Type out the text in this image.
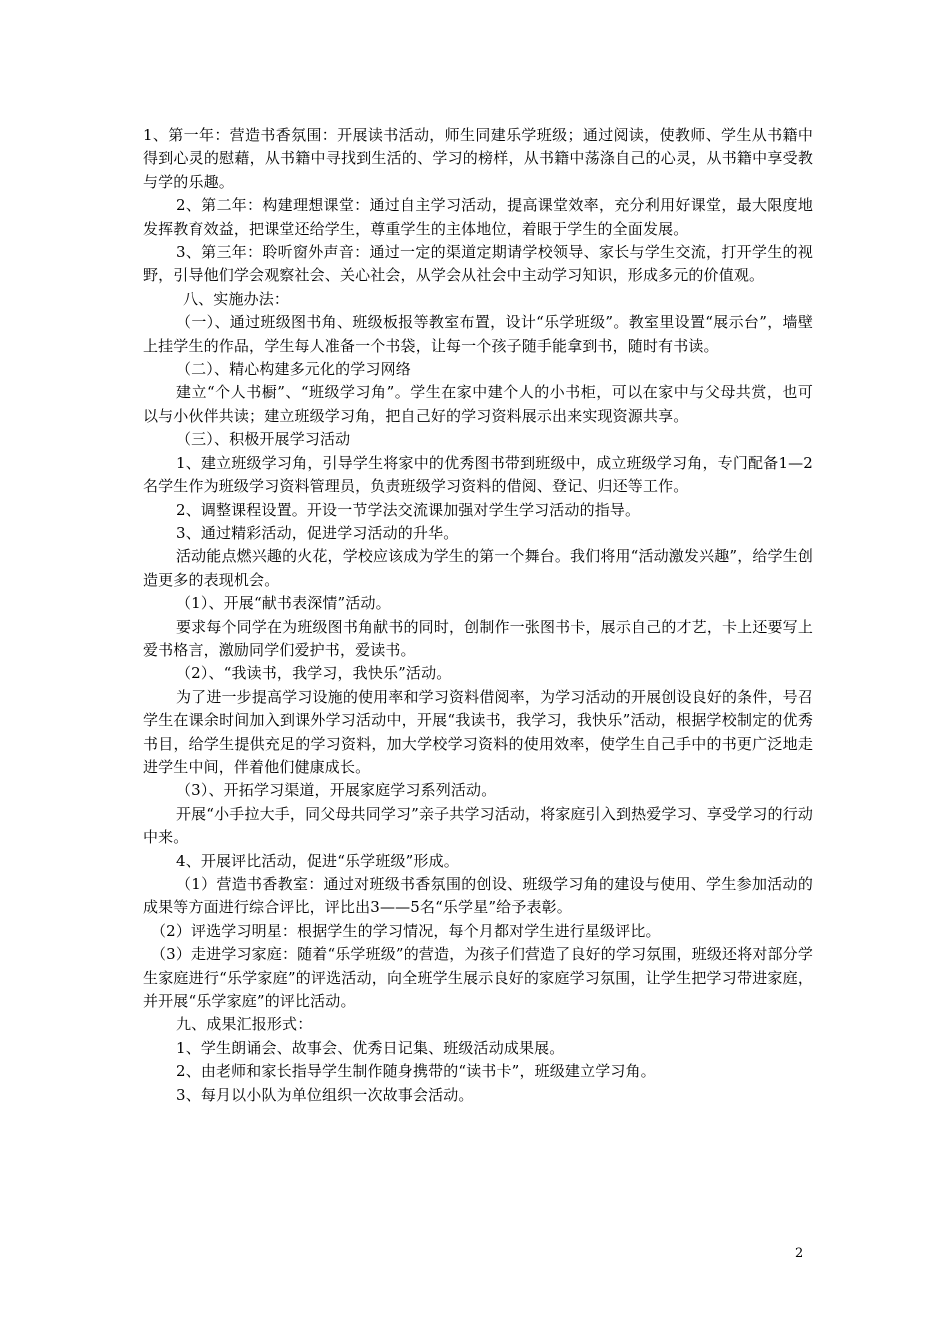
1、第一年：营造书香氛围：开展读书活动，师生同建乐学班级；通过阅读，使教师、学生从书籍中得到心灵的慰藉，从书籍中寻找到生活的、学习的榜样，从书籍中荡涤自己的心灵，从书籍中享受教与学的乐趣。

2、第二年：构建理想课堂：通过自主学习活动，提高课堂效率，充分利用好课堂，最大限度地发挥教育效益，把课堂还给学生，尊重学生的主体地位，着眼于学生的全面发展。

3、第三年：聆听窗外声音：通过一定的渠道定期请学校领导、家长与学生交流，打开学生的视野，引导他们学会观察社会、关心社会，从学会从社会中主动学习知识，形成多元的价值观。

八、实施办法：

（一）、通过班级图书角、班级板报等教室布置，设计“乐学班级”。教室里设置“展示台”，墙壁上挂学生的作品，学生每人准备一个书袋，让每一个孩子随手能拿到书，随时有书读。

（二）、精心构建多元化的学习网络

建立“个人书橱”、“班级学习角”。学生在家中建个人的小书柜，可以在家中与父母共赏，也可以与小伙伴共读；建立班级学习角，把自己好的学习资料展示出来实现资源共享。

（三）、积极开展学习活动

1、建立班级学习角，引导学生将家中的优秀图书带到班级中，成立班级学习角，专门配备1—2名学生作为班级学习资料管理员，负责班级学习资料的借阅、登记、归还等工作。

2、调整课程设置。开设一节学法交流课加强对学生学习活动的指导。

3、通过精彩活动，促进学习活动的升华。

活动能点燃兴趣的火花，学校应该成为学生的第一个舞台。我们将用“活动激发兴趣”，给学生创造更多的表现机会。

（1）、开展“献书表深情”活动。

要求每个同学在为班级图书角献书的同时，创制作一张图书卡，展示自己的才艺，卡上还要写上爱书格言，激励同学们爱护书，爱读书。

（2）、“我读书，我学习，我快乐”活动。

为了进一步提高学习设施的使用率和学习资料借阅率，为学习活动的开展创设良好的条件，号召学生在课余时间加入到课外学习活动中，开展“我读书，我学习，我快乐”活动，根据学校制定的优秀书目，给学生提供充足的学习资料，加大学校学习资料的使用效率，使学生自己手中的书更广泛地走进学生中间，伴着他们健康成长。

（3）、开拓学习渠道，开展家庭学习系列活动。

开展“小手拉大手，同父母共同学习”亲子共学习活动，将家庭引入到热爱学习、享受学习的行动中来。

4、开展评比活动，促进“乐学班级”形成。

（1）营造书香教室：通过对班级书香氛围的创设、班级学习角的建设与使用、学生参加活动的成果等方面进行综合评比，评比出3——5名“乐学星”给予表彰。

（2）评选学习明星：根据学生的学习情况，每个月都对学生进行星级评比。

（3）走进学习家庭：随着“乐学班级”的营造，为孩子们营造了良好的学习氛围，班级还将对部分学生家庭进行“乐学家庭”的评选活动，向全班学生展示良好的家庭学习氛围，让学生把学习带进家庭，并开展“乐学家庭”的评比活动。

九、成果汇报形式：

1、学生朗诵会、故事会、优秀日记集、班级活动成果展。

2、由老师和家长指导学生制作随身携带的“读书卡”，班级建立学习角。

3、每月以小队为单位组织一次故事会活动。

2
